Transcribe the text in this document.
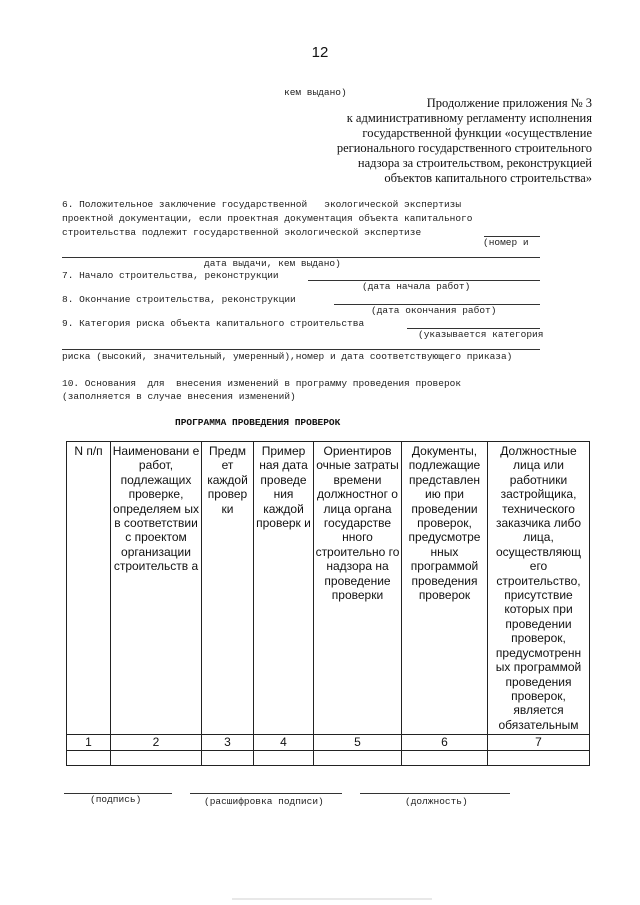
12
кем выдано)
Продолжение приложения № 3
к административному регламенту исполнения
государственной функции «осуществление
регионального государственного строительного
надзора за строительством, реконструкцией
объектов капитального строительства»
6. Положительное заключение государственной   экологической экспертизы
проектной документации, если проектная документация объекта капитального
строительства подлежит государственной экологической экспертизе
(номер и
дата выдачи, кем выдано)
7. Начало строительства, реконструкции
(дата начала работ)
8. Окончание строительства, реконструкции
(дата окончания работ)
9. Категория риска объекта капитального строительства
(указывается категория
риска (высокий, значительный, умеренный),номер и дата соответствующего приказа)
10. Основания  для  внесения изменений в программу проведения проверок
(заполняется в случае внесения изменений)
ПРОГРАММА ПРОВЕДЕНИЯ ПРОВЕРОК
N п/п	Наименовани е работ, подлежащих проверке, определяем ых в соответствии с проектом организации строительств а	Предм ет каждой провер ки	Пример ная дата проведе ния каждой проверк и	Ориентиров очные затраты времени должностног о лица органа государстве нного строительно го надзора на проведение проверки	Документы, подлежащие представлен ию при проведении проверок, предусмотре нных программой проведения проверок	Должностные лица или работники застройщика, технического заказчика либо лица, осуществляющ его строительство, присутствие которых при проведении проверок, предусмотренн ых программой проведения проверок, является обязательным
1	2	3	4	5	6	7

(подпись)	(расшифровка подписи)	(должность)
